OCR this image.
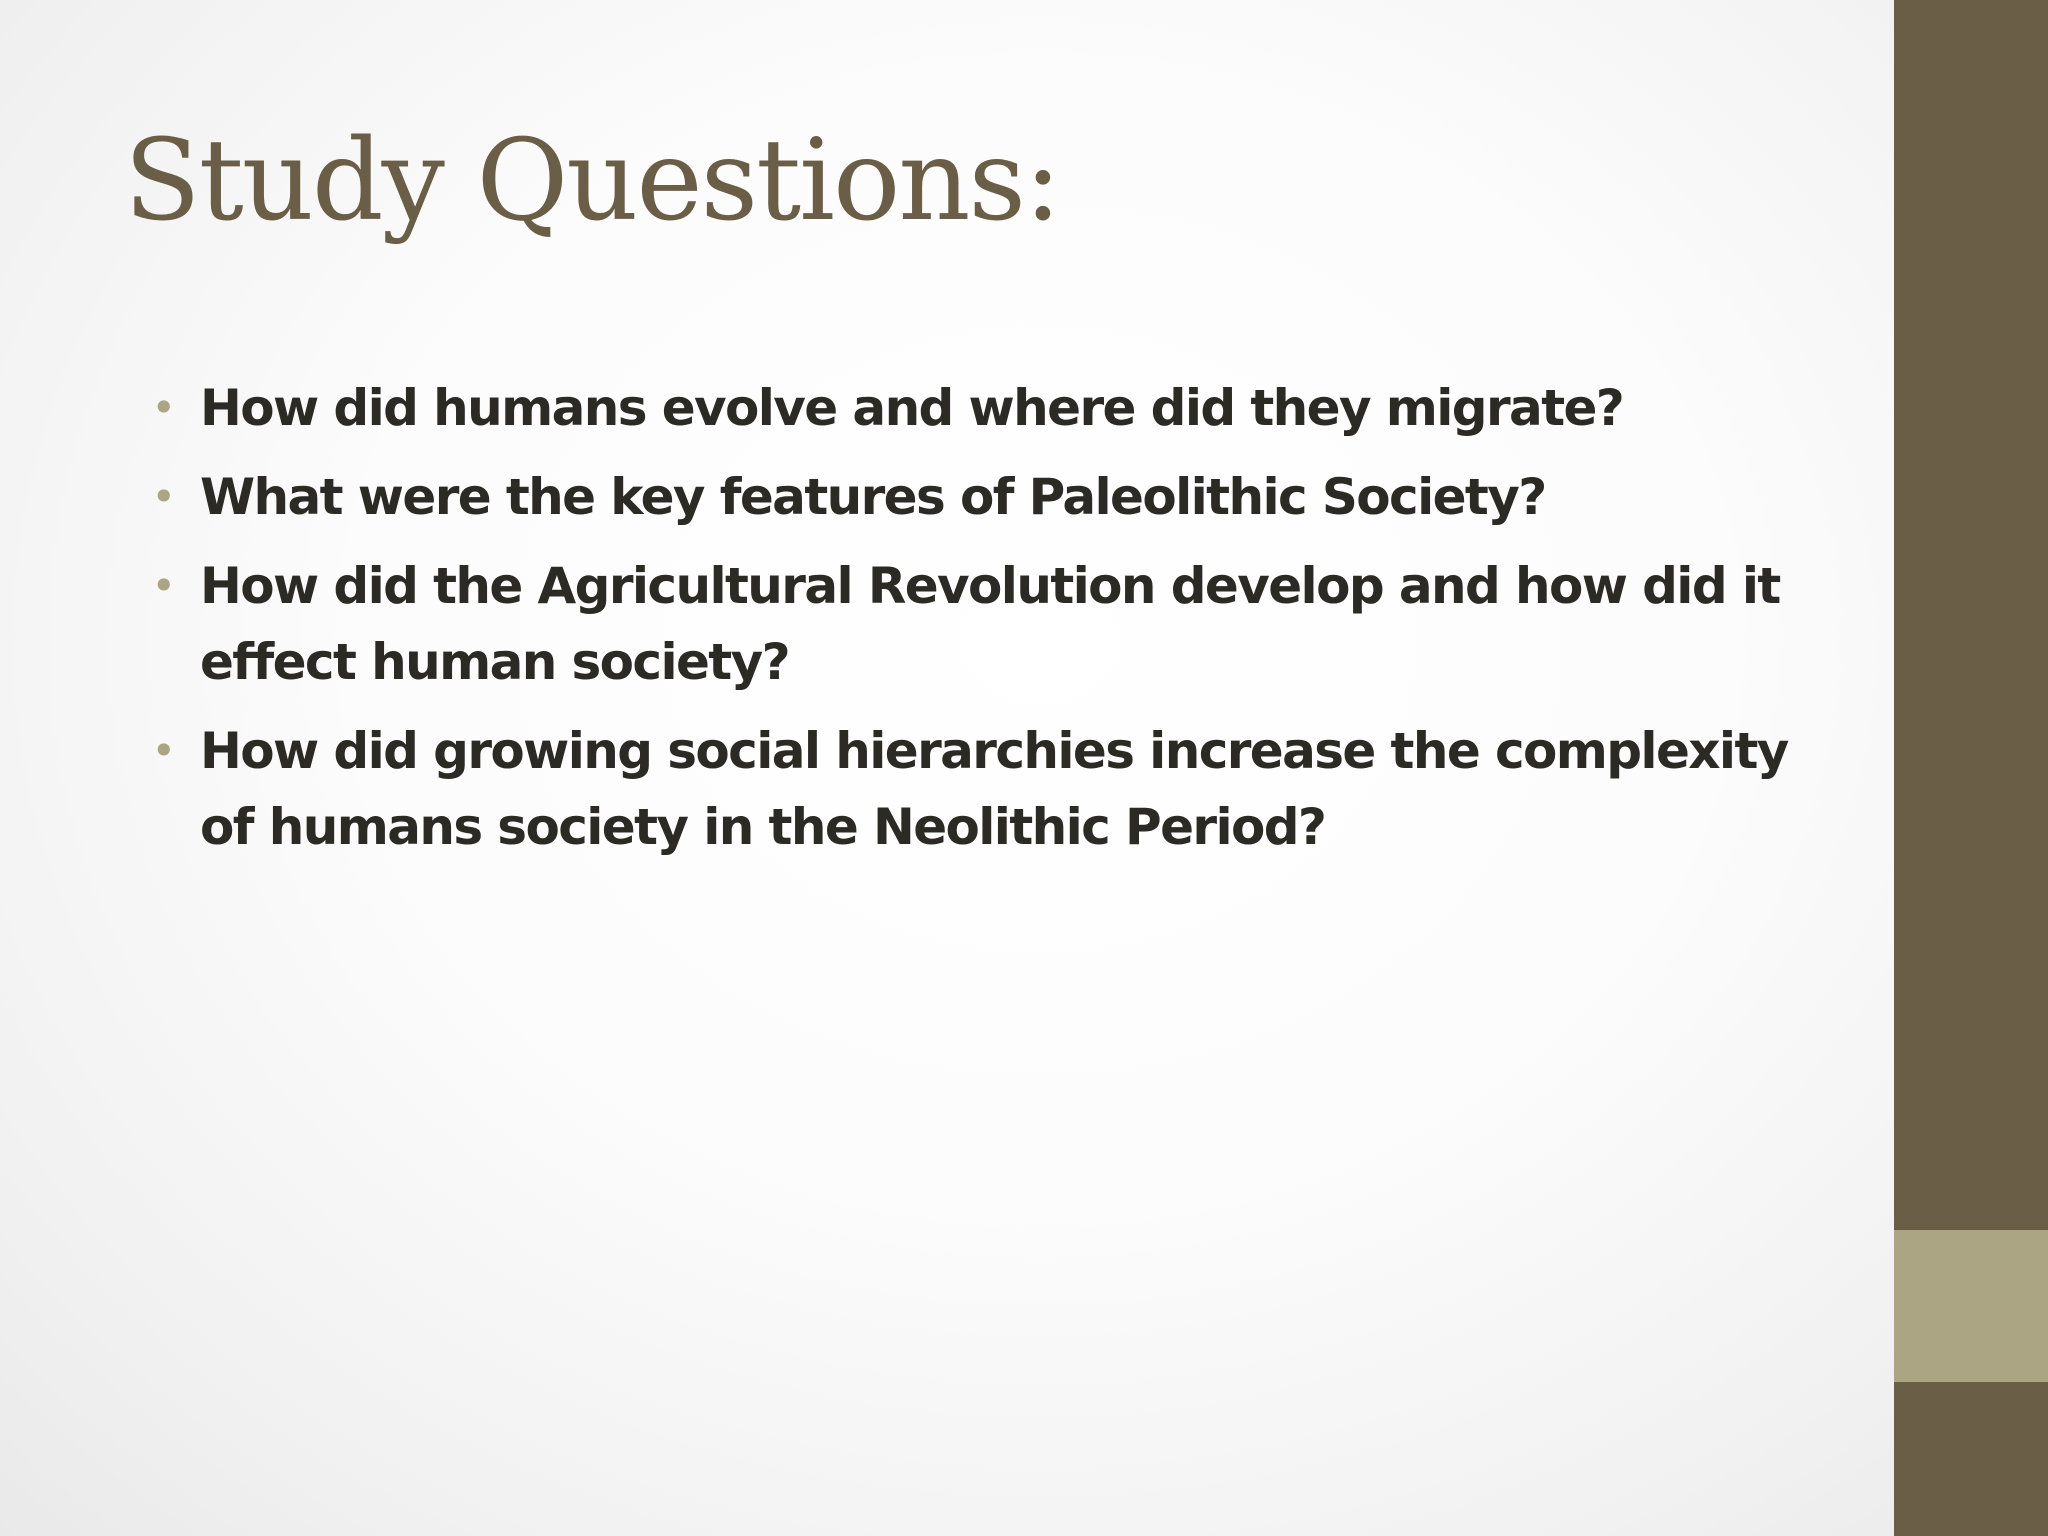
Study Questions:
• How did humans evolve and where did they migrate?
• What were the key features of Paleolithic Society?
• How did the Agricultural Revolution develop and how did it effect human society?
• How did growing social hierarchies increase the complexity of humans society in the Neolithic Period?
